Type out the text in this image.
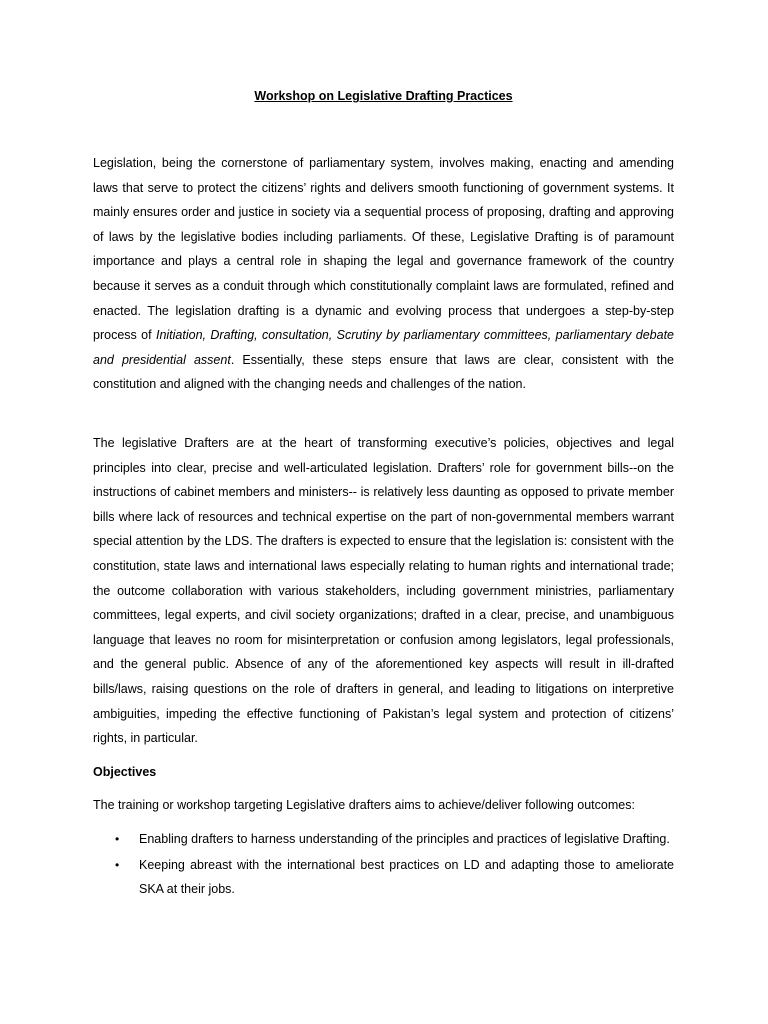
Workshop on Legislative Drafting Practices

Legislation, being the cornerstone of parliamentary system, involves making, enacting and amending laws that serve to protect the citizens’ rights and delivers smooth functioning of government systems. It mainly ensures order and justice in society via a sequential process of proposing, drafting and approving of laws by the legislative bodies including parliaments. Of these, Legislative Drafting is of paramount importance and plays a central role in shaping the legal and governance framework of the country because it serves as a conduit through which constitutionally complaint laws are formulated, refined and enacted. The legislation drafting is a dynamic and evolving process that undergoes a step-by-step process of Initiation, Drafting, consultation, Scrutiny by parliamentary committees, parliamentary debate and presidential assent. Essentially, these steps ensure that laws are clear, consistent with the constitution and aligned with the changing needs and challenges of the nation.

The legislative Drafters are at the heart of transforming executive’s policies, objectives and legal principles into clear, precise and well-articulated legislation. Drafters’ role for government bills--on the instructions of cabinet members and ministers-- is relatively less daunting as opposed to private member bills where lack of resources and technical expertise on the part of non-governmental members warrant special attention by the LDS. The drafters is expected to ensure that the legislation is: consistent with the constitution, state laws and international laws especially relating to human rights and international trade; the outcome collaboration with various stakeholders, including government ministries, parliamentary committees, legal experts, and civil society organizations; drafted in a clear, precise, and unambiguous language that leaves no room for misinterpretation or confusion among legislators, legal professionals, and the general public. Absence of any of the aforementioned key aspects will result in ill-drafted bills/laws, raising questions on the role of drafters in general, and leading to litigations on interpretive ambiguities, impeding the effective functioning of Pakistan’s legal system and protection of citizens’ rights, in particular.

Objectives

The training or workshop targeting Legislative drafters aims to achieve/deliver following outcomes:

• Enabling drafters to harness understanding of the principles and practices of legislative Drafting.
• Keeping abreast with the international best practices on LD and adapting those to ameliorate SKA at their jobs.
